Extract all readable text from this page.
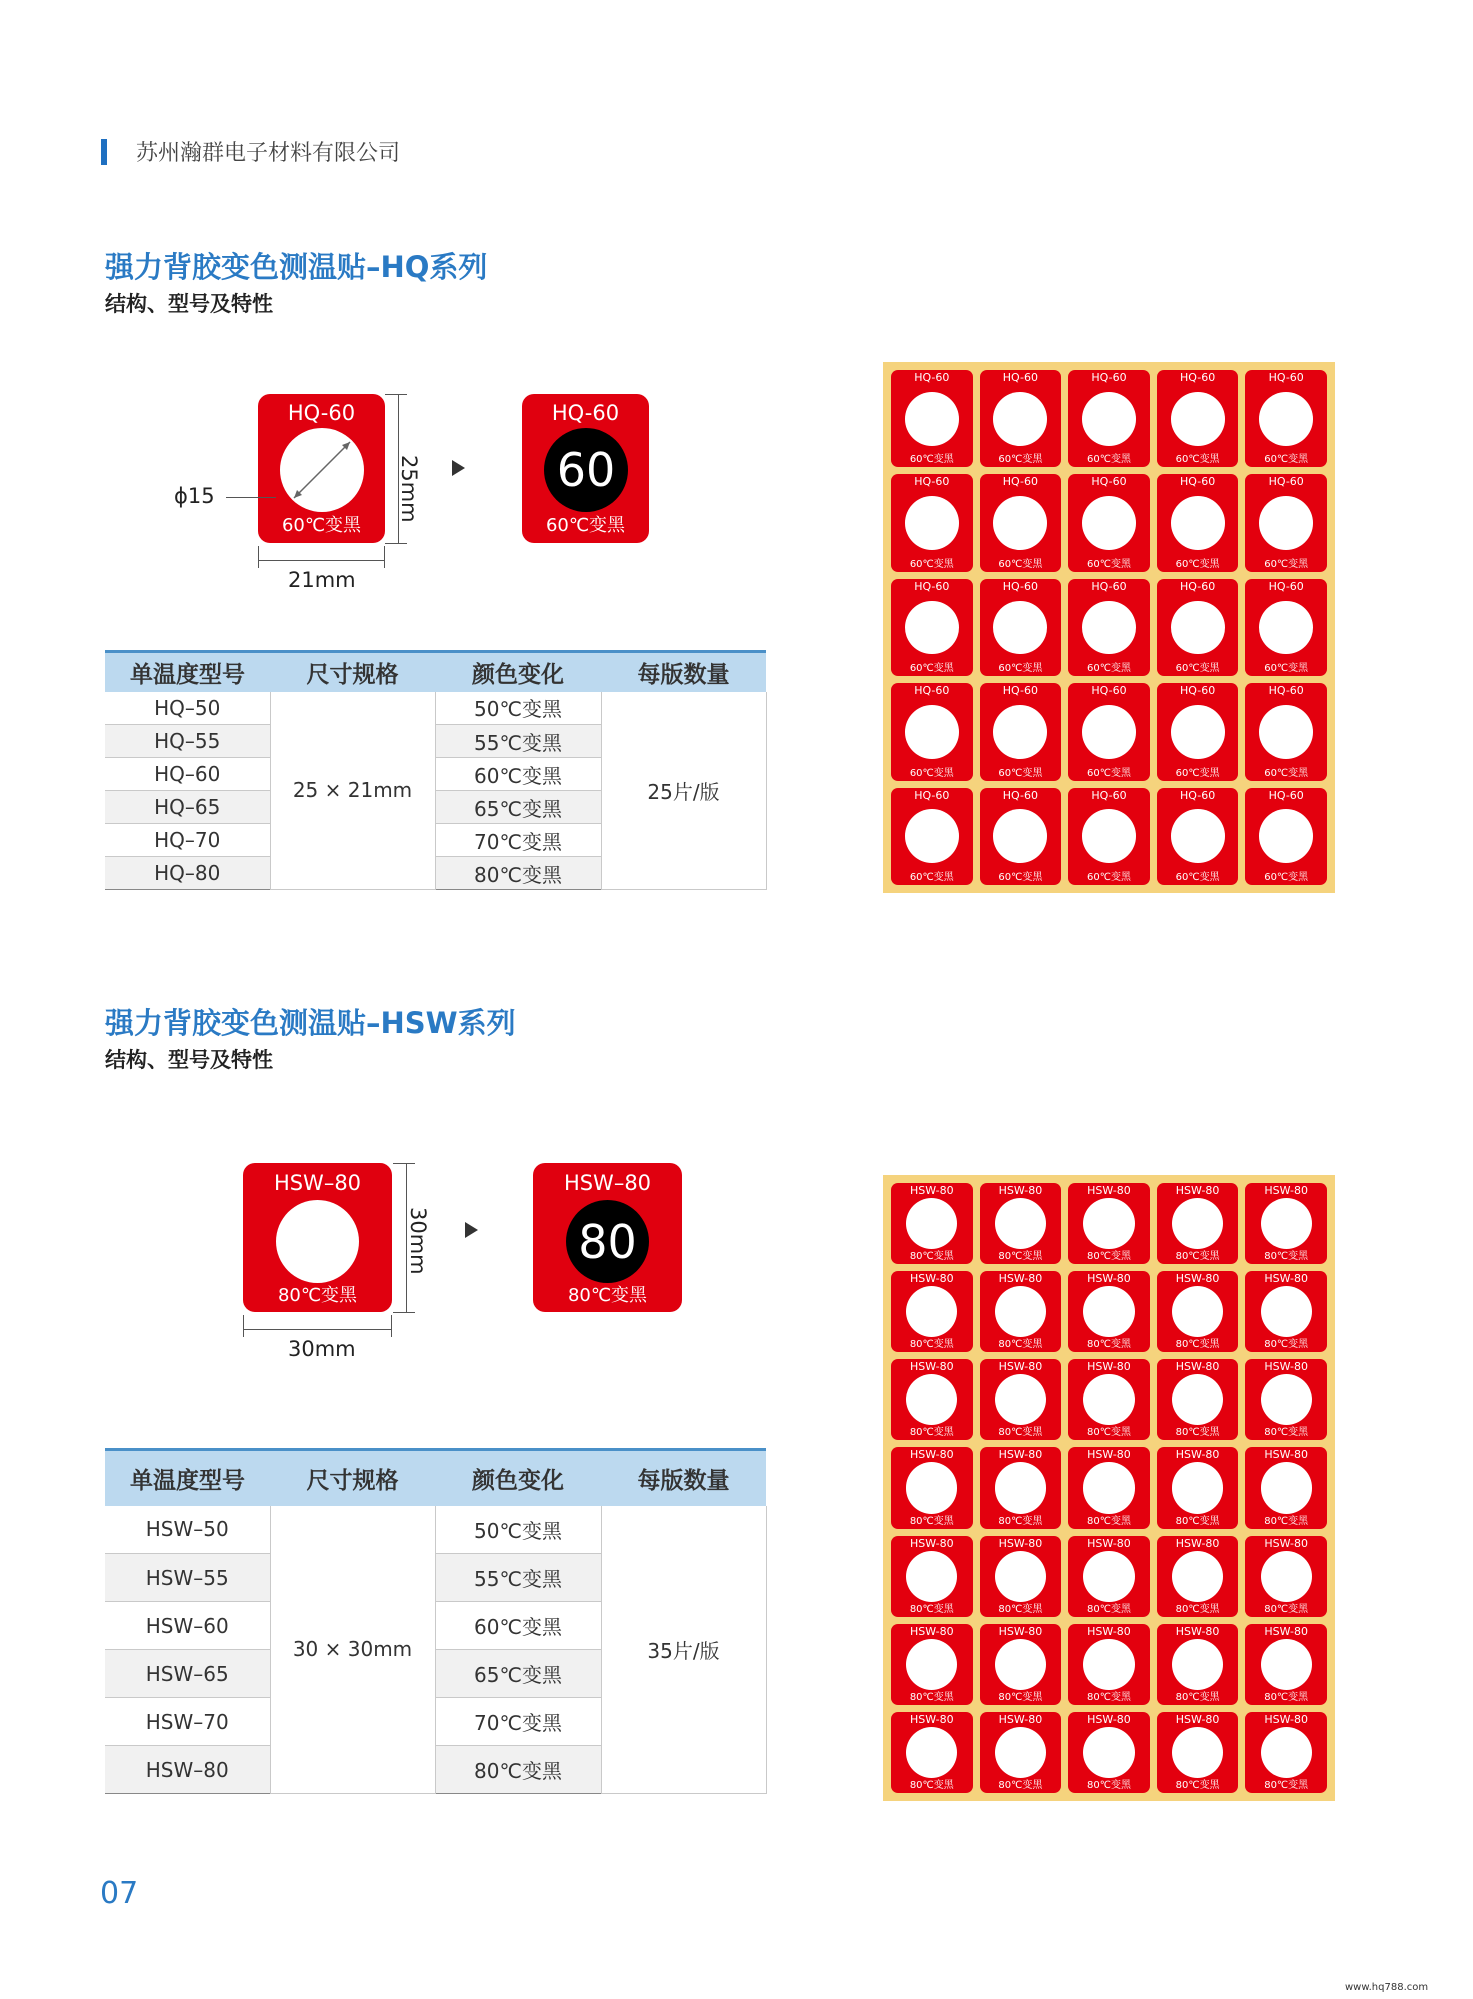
苏州瀚群电子材料有限公司
强力背胶变色测温贴–HQ系列
结构、型号及特性
HQ-60
60℃变黑
ϕ15	25mm
21mm
HQ-60
60
60℃变黑
单温度型号	尺寸规格	颜色变化	每版数量
HQ–50	25 × 21mm	50℃变黑	25片/版
HQ–55		55℃变黑	
HQ–60		60℃变黑	
HQ–65		65℃变黑	
HQ–70		70℃变黑	
HQ–80		80℃变黑	
HQ-60
60℃变黑
HQ-60
60℃变黑
HQ-60
60℃变黑
HQ-60
60℃变黑
HQ-60
60℃变黑
HQ-60
60℃变黑
HQ-60
60℃变黑
HQ-60
60℃变黑
HQ-60
60℃变黑
HQ-60
60℃变黑
HQ-60
60℃变黑
HQ-60
60℃变黑
HQ-60
60℃变黑
HQ-60
60℃变黑
HQ-60
60℃变黑
HQ-60
60℃变黑
HQ-60
60℃变黑
HQ-60
60℃变黑
HQ-60
60℃变黑
HQ-60
60℃变黑
HQ-60
60℃变黑
HQ-60
60℃变黑
HQ-60
60℃变黑
HQ-60
60℃变黑
HQ-60
60℃变黑
强力背胶变色测温贴–HSW系列
结构、型号及特性
HSW–80
80℃变黑
30mm
30mm
HSW–80
80
80℃变黑
单温度型号	尺寸规格	颜色变化	每版数量
HSW–50	30 × 30mm	50℃变黑	35片/版
HSW–55		55℃变黑	
HSW–60		60℃变黑	
HSW–65		65℃变黑	
HSW–70		70℃变黑	
HSW–80		80℃变黑	
HSW-80
80℃变黑
HSW-80
80℃变黑
HSW-80
80℃变黑
HSW-80
80℃变黑
HSW-80
80℃变黑
HSW-80
80℃变黑
HSW-80
80℃变黑
HSW-80
80℃变黑
HSW-80
80℃变黑
HSW-80
80℃变黑
HSW-80
80℃变黑
HSW-80
80℃变黑
HSW-80
80℃变黑
HSW-80
80℃变黑
HSW-80
80℃变黑
HSW-80
80℃变黑
HSW-80
80℃变黑
HSW-80
80℃变黑
HSW-80
80℃变黑
HSW-80
80℃变黑
HSW-80
80℃变黑
HSW-80
80℃变黑
HSW-80
80℃变黑
HSW-80
80℃变黑
HSW-80
80℃变黑
HSW-80
80℃变黑
HSW-80
80℃变黑
HSW-80
80℃变黑
HSW-80
80℃变黑
HSW-80
80℃变黑
HSW-80
80℃变黑
HSW-80
80℃变黑
HSW-80
80℃变黑
HSW-80
80℃变黑
HSW-80
80℃变黑
07
www.hq788.com
